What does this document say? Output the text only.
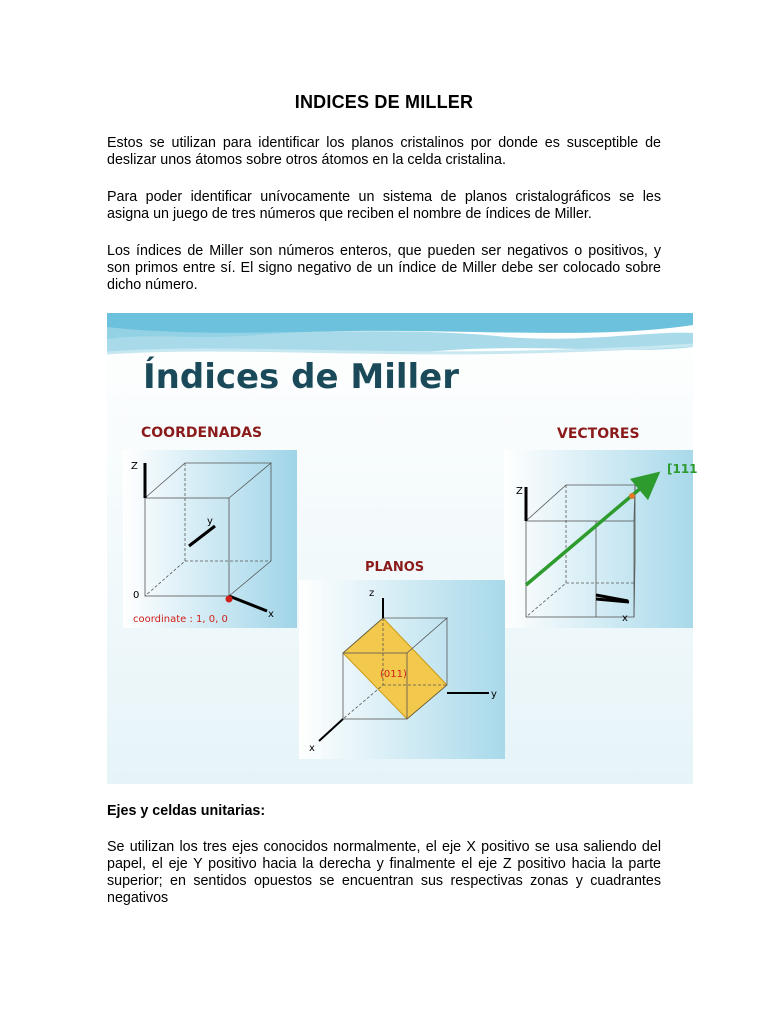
INDICES DE MILLER
Estos se utilizan para identificar los planos cristalinos por donde es susceptible de deslizar unos átomos sobre otros átomos en la celda cristalina.
Para poder identificar unívocamente un sistema de planos cristalográficos se les asigna un juego de tres números que reciben el nombre de índices de Miller.
Los índices de Miller son números enteros, que pueden ser negativos o positivos, y son primos entre sí. El signo negativo de un índice de Miller debe ser colocado sobre dicho número.
Índices de Miller
COORDENADAS
Z
y
x
0
coordinate : 1, 0, 0
VECTORES
Z
x
[111
PLANOS
z
y
x
(011)
Ejes y celdas unitarias:
Se utilizan los tres ejes conocidos normalmente, el eje X positivo se usa saliendo del papel, el eje Y positivo hacia la derecha y finalmente el eje Z positivo hacia la parte superior; en sentidos opuestos se encuentran sus respectivas zonas y cuadrantes negativos
